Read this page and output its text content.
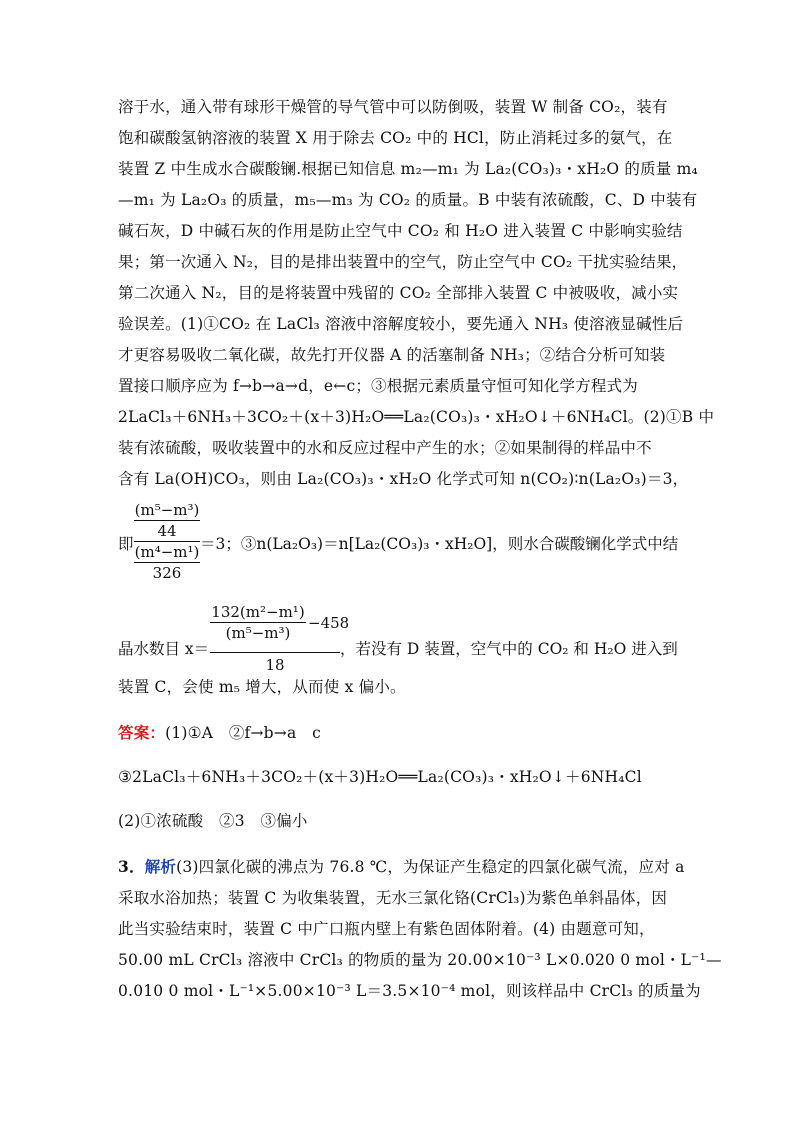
溶于水，通入带有球形干燥管的导气管中可以防倒吸，装置 W 制备 CO₂，装有
饱和碳酸氢钠溶液的装置 X 用于除去 CO₂ 中的 HCl，防止消耗过多的氨气，在
装置 Z 中生成水合碳酸镧.根据已知信息 m₂—m₁ 为 La₂(CO₃)₃・xH₂O 的质量 m₄
—m₁ 为 La₂O₃ 的质量，m₅—m₃ 为 CO₂ 的质量。B 中装有浓硫酸，C、D 中装有
碱石灰，D 中碱石灰的作用是防止空气中 CO₂ 和 H₂O 进入装置 C 中影响实验结
果；第一次通入 N₂，目的是排出装置中的空气，防止空气中 CO₂ 干扰实验结果，
第二次通入 N₂，目的是将装置中残留的 CO₂ 全部排入装置 C 中被吸收，减小实
验误差。(1)①CO₂ 在 LaCl₃ 溶液中溶解度较小，要先通入 NH₃ 使溶液显碱性后
才更容易吸收二氧化碳，故先打开仪器 A 的活塞制备 NH₃；②结合分析可知装
置接口顺序应为 f→b→a→d，e←c；③根据元素质量守恒可知化学方程式为
2LaCl₃＋6NH₃＋3CO₂＋(x＋3)H₂O══La₂(CO₃)₃・xH₂O↓＋6NH₄Cl。(2)①B 中
装有浓硫酸，吸收装置中的水和反应过程中产生的水；②如果制得的样品中不
含有 La(OH)CO₃，则由 La₂(CO₃)₃・xH₂O 化学式可知 n(CO₂)∶n(La₂O₃)＝3，
即
(m⁵−m³)
44
(m⁴−m¹)
326
＝3；③n(La₂O₃)＝n[La₂(CO₃)₃・xH₂O]，则水合碳酸镧化学式中结
晶水数目 x＝
132(m²−m¹)
(m⁵−m³)
−458
18
，若没有 D 装置，空气中的 CO₂ 和 H₂O 进入到
装置 C，会使 m₅ 增大，从而使 x 偏小。
答案：(1)①A　②f→b→a　c
③2LaCl₃＋6NH₃＋3CO₂＋(x＋3)H₂O══La₂(CO₃)₃・xH₂O↓＋6NH₄Cl
(2)①浓硫酸　②3　③偏小
3．解析(3)四氯化碳的沸点为 76.8 ℃，为保证产生稳定的四氯化碳气流，应对 a
采取水浴加热；装置 C 为收集装置，无水三氯化铬(CrCl₃)为紫色单斜晶体，因
此当实验结束时，装置 C 中广口瓶内壁上有紫色固体附着。(4) 由题意可知，
50.00 mL CrCl₃ 溶液中 CrCl₃ 的物质的量为 20.00×10⁻³ L×0.020 0 mol・L⁻¹—
0.010 0 mol・L⁻¹×5.00×10⁻³ L＝3.5×10⁻⁴ mol，则该样品中 CrCl₃ 的质量为
